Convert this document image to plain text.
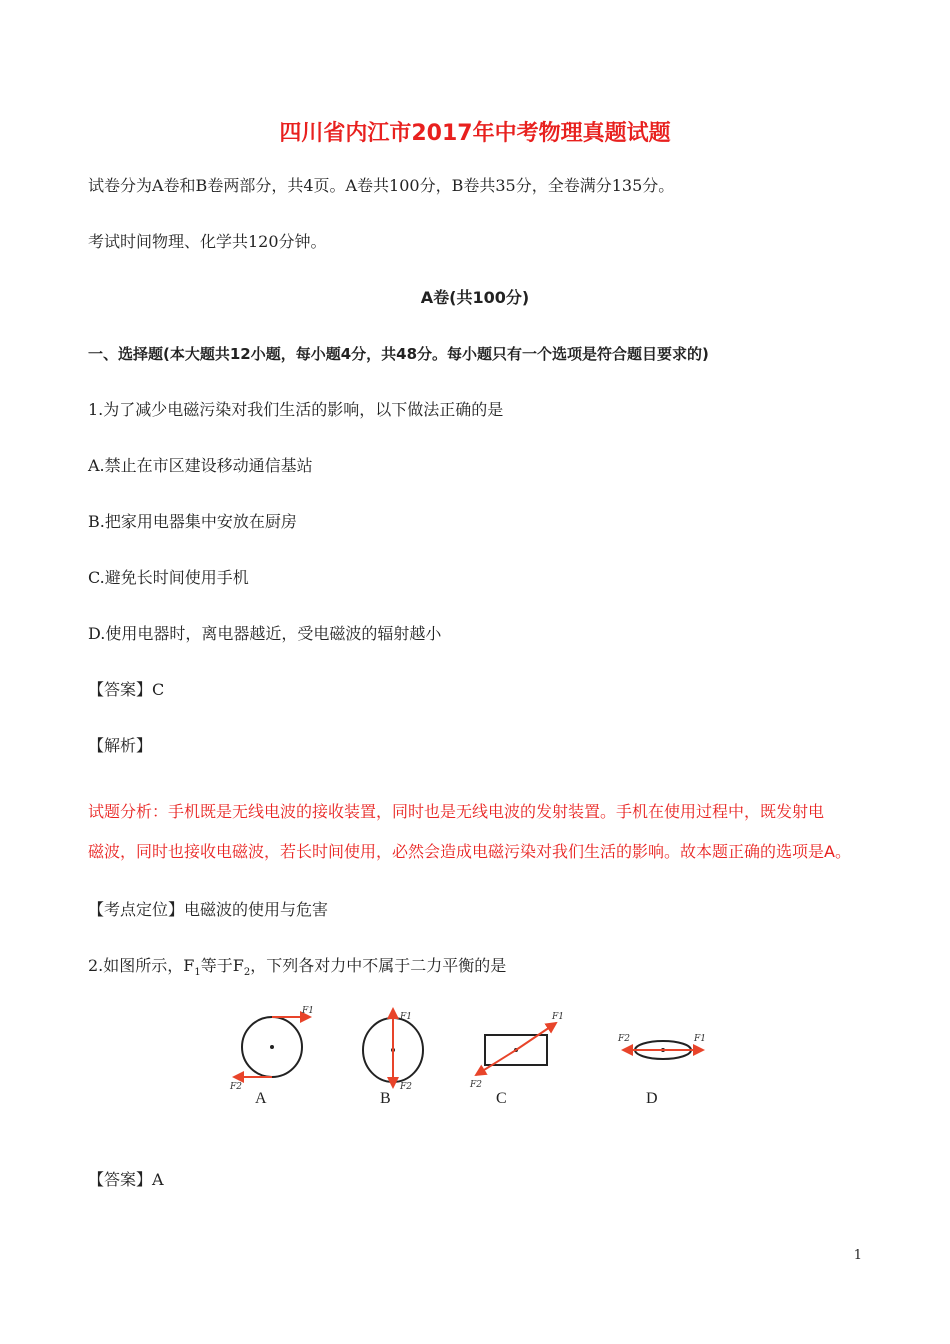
四川省内江市2017年中考物理真题试题
试卷分为A卷和B卷两部分，共4页。A卷共100分，B卷共35分，全卷满分135分。
考试时间物理、化学共120分钟。
A卷(共100分)
一、选择题(本大题共12小题，每小题4分，共48分。每小题只有一个选项是符合题目要求的)
1.为了减少电磁污染对我们生活的影响，以下做法正确的是
A.禁止在市区建设移动通信基站
B.把家用电器集中安放在厨房
C.避免长时间使用手机
D.使用电器时，离电器越近，受电磁波的辐射越小
【答案】C
【解析】
试题分析：手机既是无线电波的接收装置，同时也是无线电波的发射装置。手机在使用过程中，既发射电
磁波，同时也接收电磁波，若长时间使用，必然会造成电磁污染对我们生活的影响。故本题正确的选项是A。
【考点定位】电磁波的使用与危害
2.如图所示，$F_1$等于$F_2$，下列各对力中不属于二力平衡的是
F1
F2
A
F1
F2
B
F1
F2
C
F1
F2
D
【答案】A
1
